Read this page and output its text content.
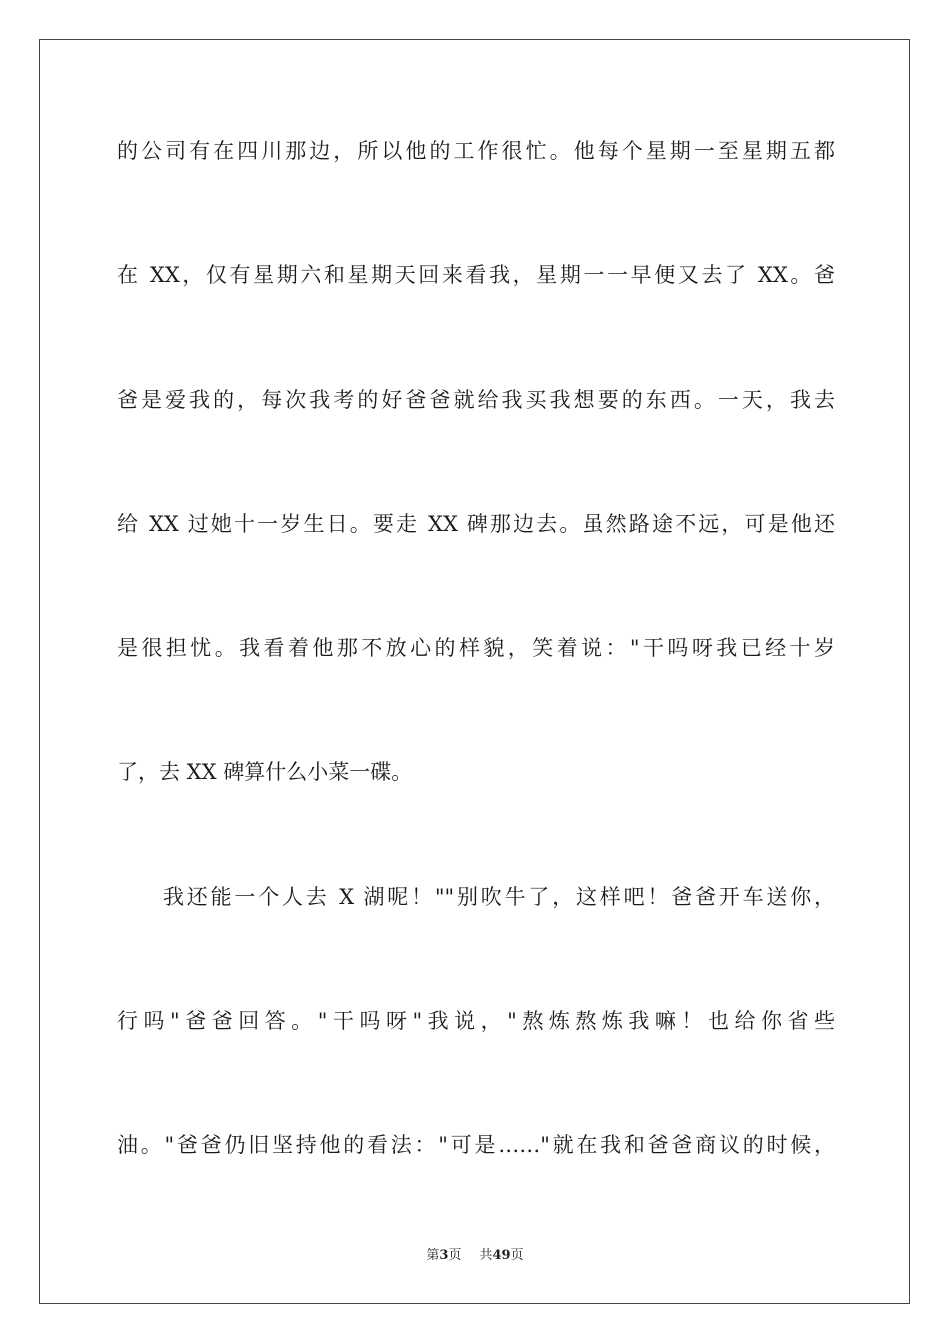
的公司有在四川那边，所以他的工作很忙。他每个星期一至星期五都
在 XX，仅有星期六和星期天回来看我，星期一一早便又去了 XX。爸
爸是爱我的，每次我考的好爸爸就给我买我想要的东西。一天，我去
给 XX 过她十一岁生日。要走 XX 碑那边去。虽然路途不远，可是他还
是很担忧。我看着他那不放心的样貌，笑着说："干吗呀我已经十岁
了，去 XX 碑算什么小菜一碟。
我还能一个人去 X 湖呢！""别吹牛了，这样吧！爸爸开车送你，
行吗"爸爸回答。"干吗呀"我说，"熬炼熬炼我嘛！也给你省些
油。"爸爸仍旧坚持他的看法："可是……"就在我和爸爸商议的时候，
第3页 共49页
